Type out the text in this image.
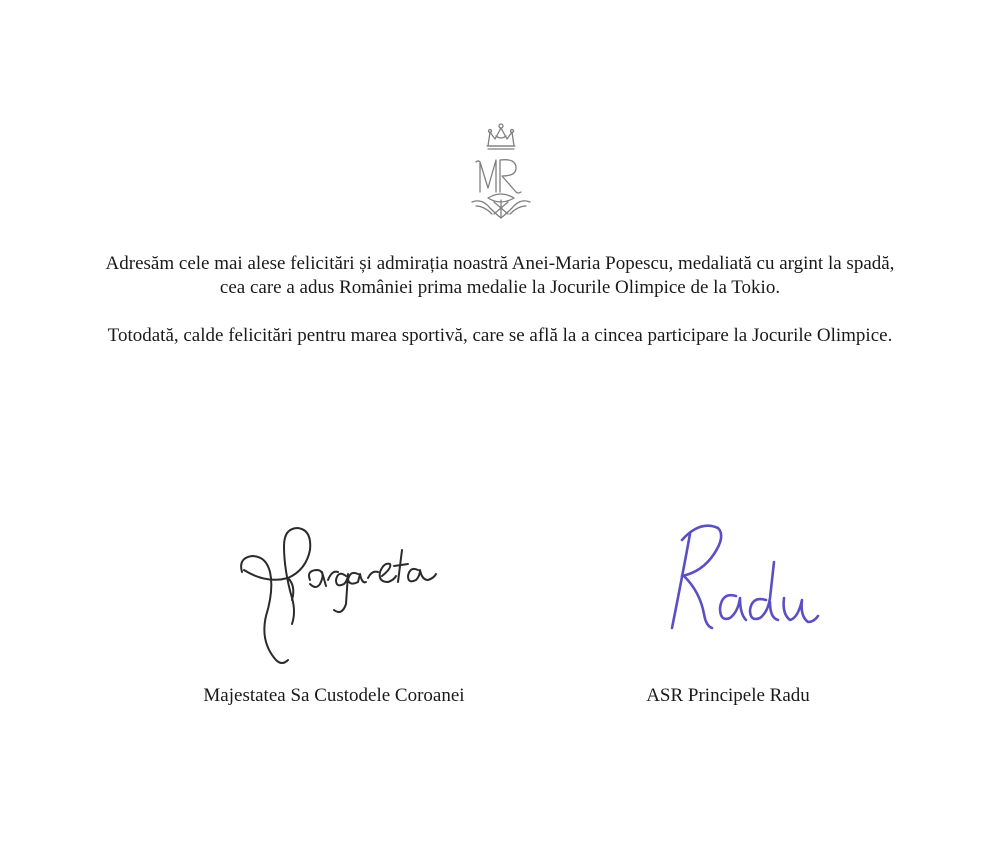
Adresăm cele mai alese felicitări și admirația noastră Anei-Maria Popescu, medaliată cu argint la spadă, cea care a adus României prima medalie la Jocurile Olimpice de la Tokio.

Totodată, calde felicitări pentru marea sportivă, care se află la a cincea participare la Jocurile Olimpice.

Majestatea Sa Custodele Coroanei	ASR Principele Radu
